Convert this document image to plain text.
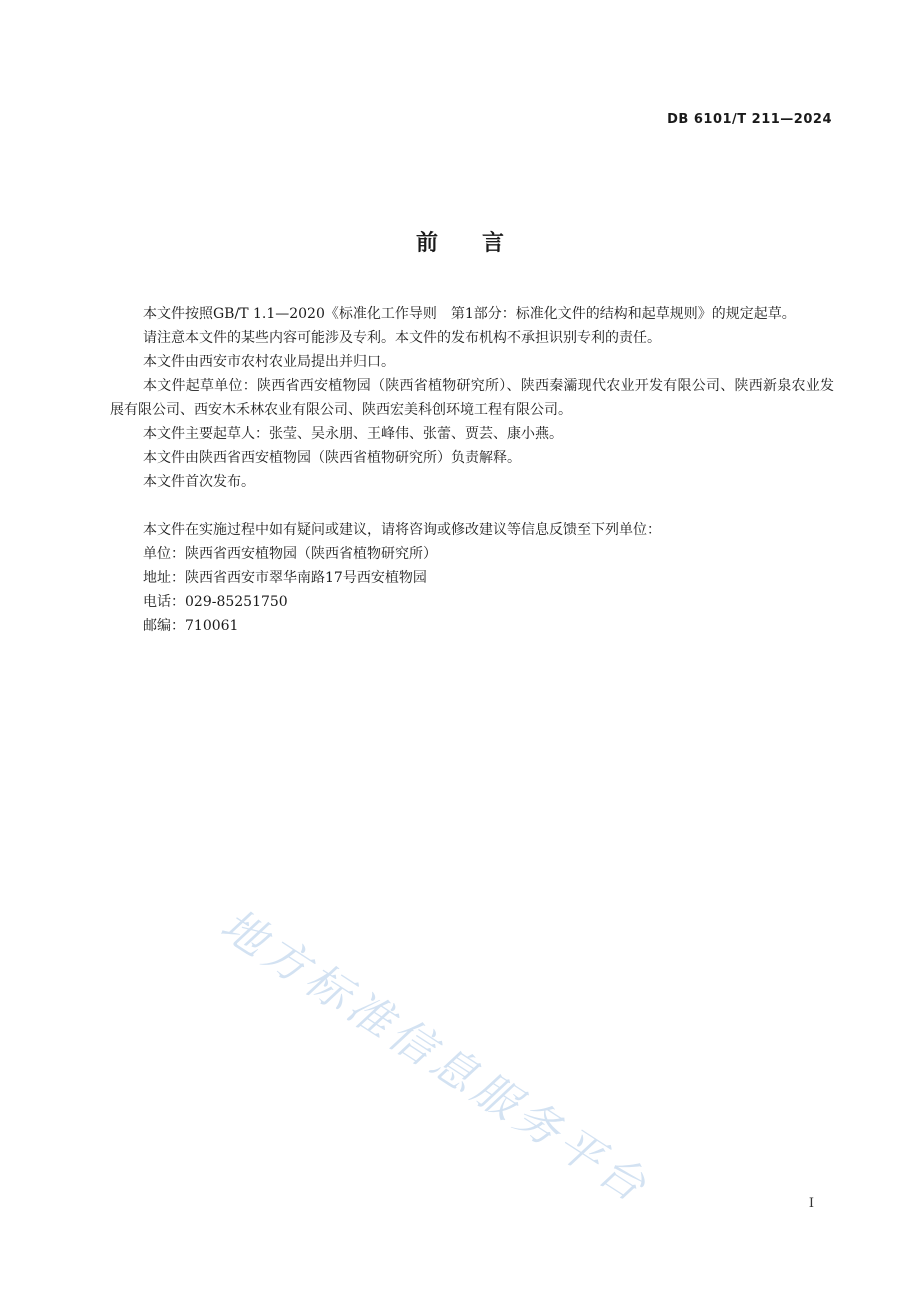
DB 6101/T 211—2024
前言

本文件按照GB/T 1.1—2020《标准化工作导则　第1部分：标准化文件的结构和起草规则》的规定起草。

请注意本文件的某些内容可能涉及专利。本文件的发布机构不承担识别专利的责任。

本文件由西安市农村农业局提出并归口。

本文件起草单位：陕西省西安植物园（陕西省植物研究所）、陕西秦灞现代农业开发有限公司、陕西新泉农业发展有限公司、西安木禾林农业有限公司、陕西宏美科创环境工程有限公司。

本文件主要起草人：张莹、吴永朋、王峰伟、张蕾、贾芸、康小燕。

本文件由陕西省西安植物园（陕西省植物研究所）负责解释。

本文件首次发布。

本文件在实施过程中如有疑问或建议，请将咨询或修改建议等信息反馈至下列单位：

单位：陕西省西安植物园（陕西省植物研究所）

地址：陕西省西安市翠华南路17号西安植物园

电话：029-85251750

邮编：710061

地方标准信息服务平台	I
